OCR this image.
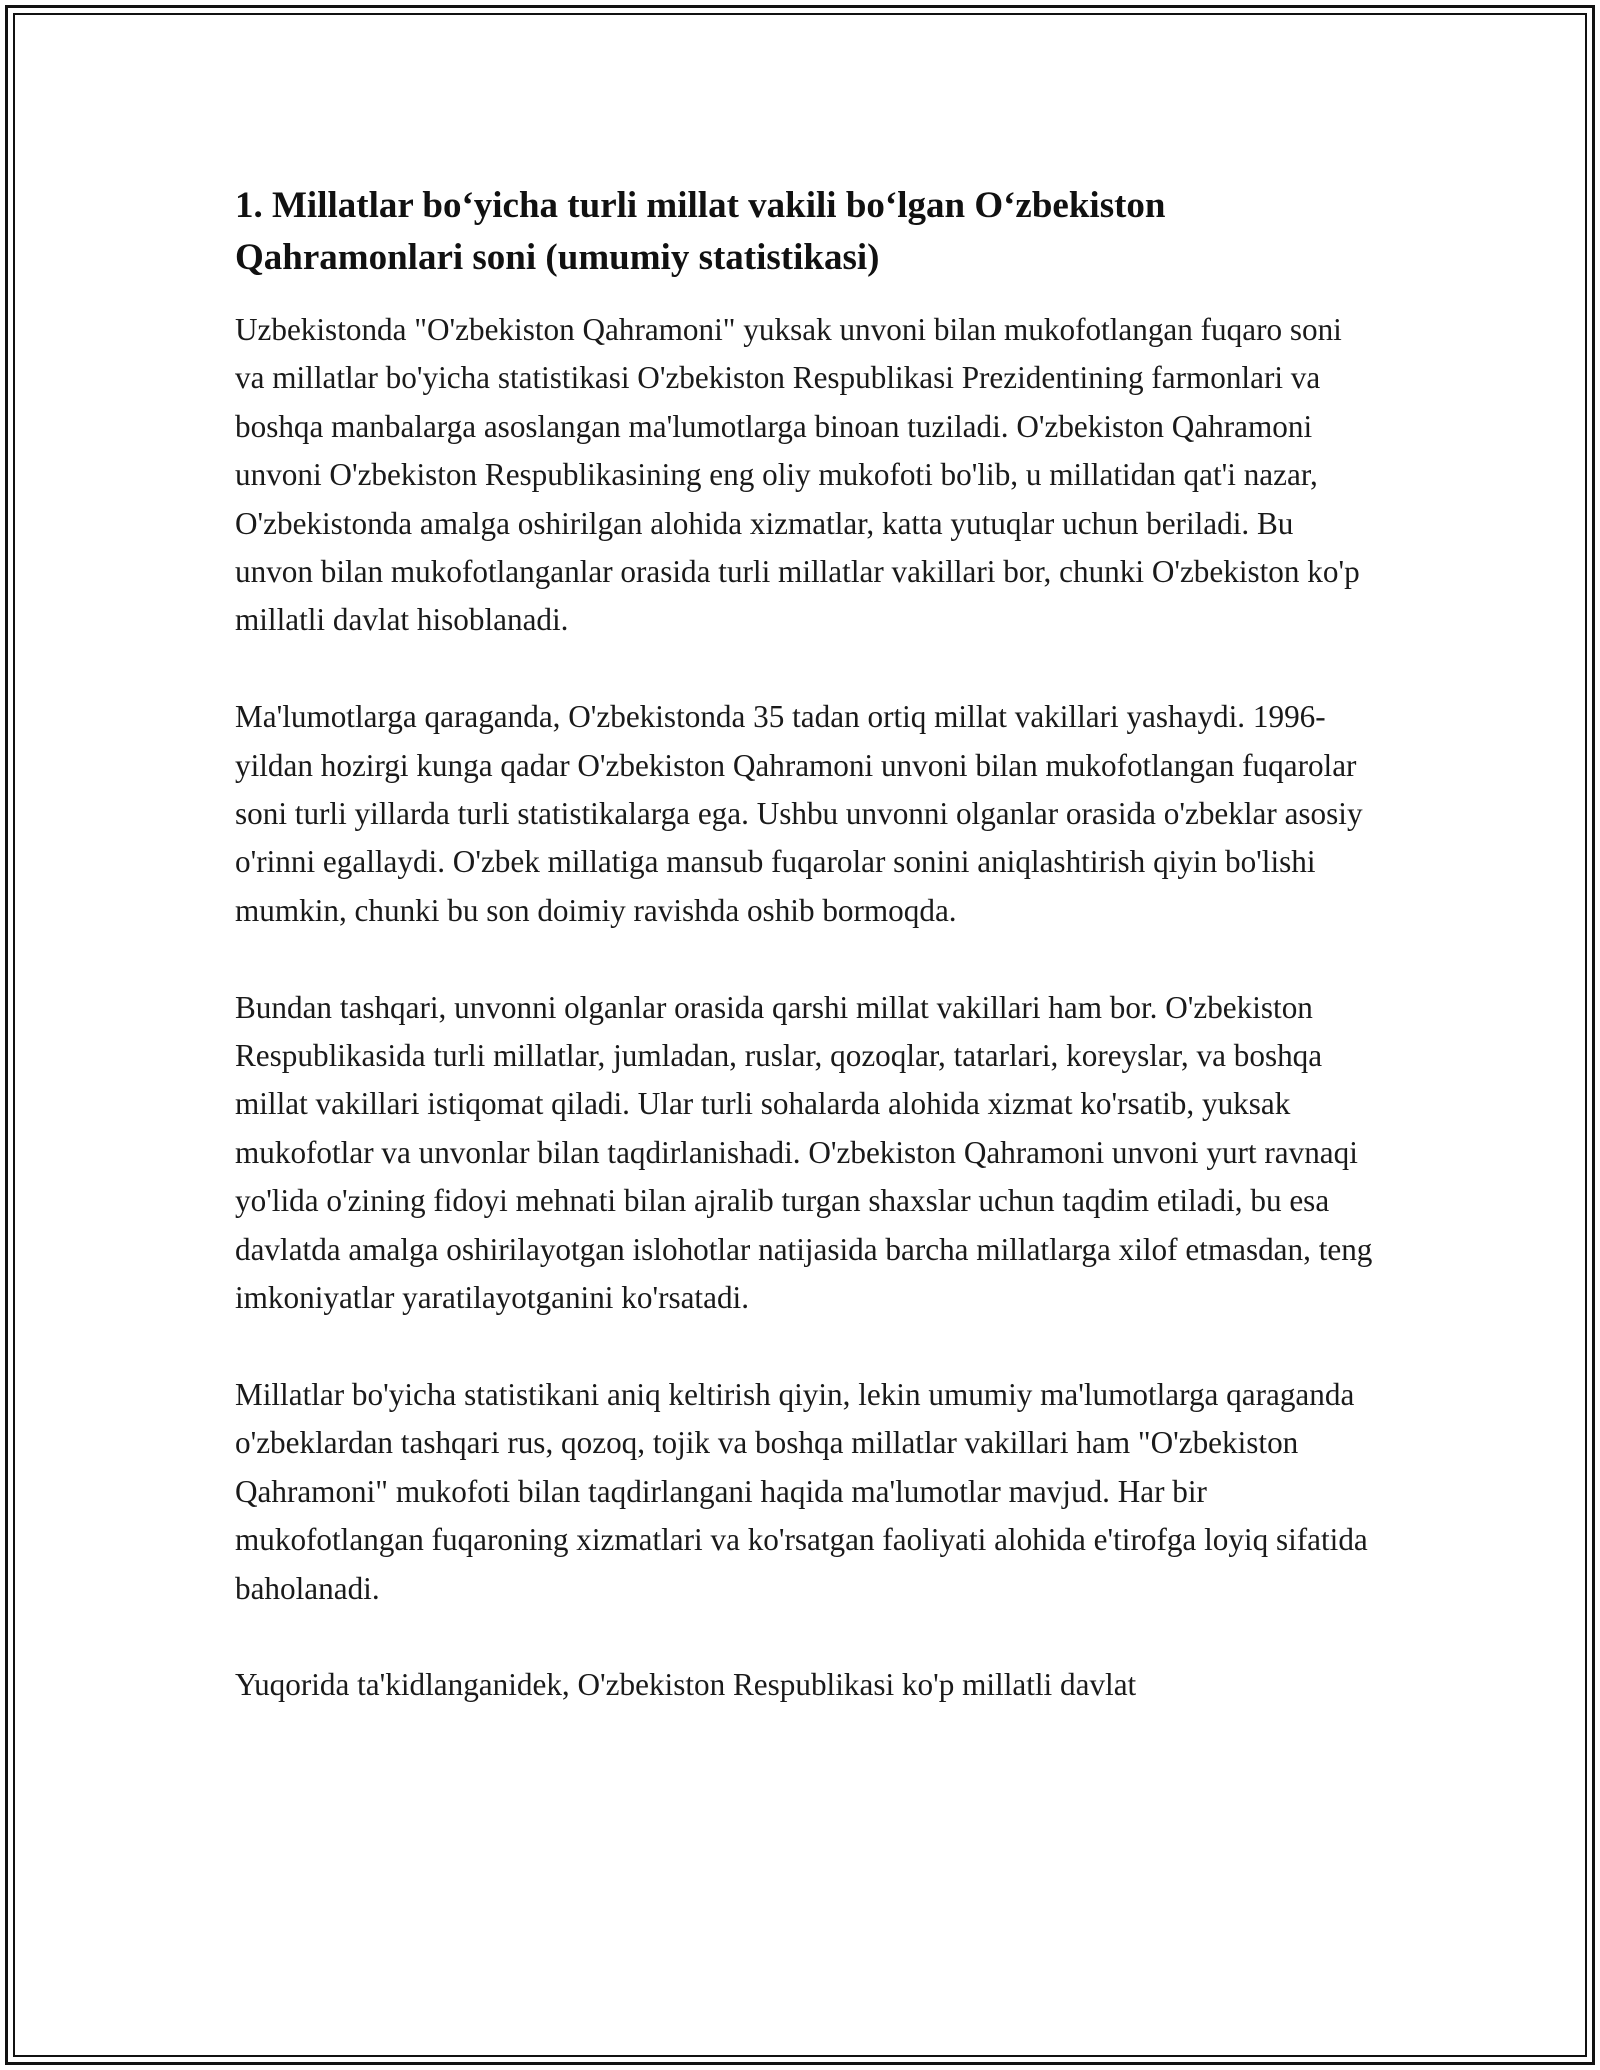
1. Millatlar bo‘yicha turli millat vakili bo‘lgan O‘zbekiston Qahramonlari soni (umumiy statistikasi)

Uzbekistonda "O'zbekiston Qahramoni" yuksak unvoni bilan mukofotlangan fuqaro soni va millatlar bo'yicha statistikasi O'zbekiston Respublikasi Prezidentining farmonlari va boshqa manbalarga asoslangan ma'lumotlarga binoan tuziladi. O'zbekiston Qahramoni unvoni O'zbekiston Respublikasining eng oliy mukofoti bo'lib, u millatidan qat'i nazar, O'zbekistonda amalga oshirilgan alohida xizmatlar, katta yutuqlar uchun beriladi. Bu unvon bilan mukofotlanganlar orasida turli millatlar vakillari bor, chunki O'zbekiston ko'p millatli davlat hisoblanadi.

Ma'lumotlarga qaraganda, O'zbekistonda 35 tadan ortiq millat vakillari yashaydi. 1996-yildan hozirgi kunga qadar O'zbekiston Qahramoni unvoni bilan mukofotlangan fuqarolar soni turli yillarda turli statistikalarga ega. Ushbu unvonni olganlar orasida o'zbeklar asosiy o'rinni egallaydi. O'zbek millatiga mansub fuqarolar sonini aniqlashtirish qiyin bo'lishi mumkin, chunki bu son doimiy ravishda oshib bormoqda.

Bundan tashqari, unvonni olganlar orasida qarshi millat vakillari ham bor. O'zbekiston Respublikasida turli millatlar, jumladan, ruslar, qozoqlar, tatarlari, koreyslar, va boshqa millat vakillari istiqomat qiladi. Ular turli sohalarda alohida xizmat ko'rsatib, yuksak mukofotlar va unvonlar bilan taqdirlanishadi. O'zbekiston Qahramoni unvoni yurt ravnaqi yo'lida o'zining fidoyi mehnati bilan ajralib turgan shaxslar uchun taqdim etiladi, bu esa davlatda amalga oshirilayotgan islohotlar natijasida barcha millatlarga xilof etmasdan, teng imkoniyatlar yaratilayotganini ko'rsatadi.

Millatlar bo'yicha statistikani aniq keltirish qiyin, lekin umumiy ma'lumotlarga qaraganda o'zbeklardan tashqari rus, qozoq, tojik va boshqa millatlar vakillari ham "O'zbekiston Qahramoni" mukofoti bilan taqdirlangani haqida ma'lumotlar mavjud. Har bir mukofotlangan fuqaroning xizmatlari va ko'rsatgan faoliyati alohida e'tirofga loyiq sifatida baholanadi.

Yuqorida ta'kidlanganidek, O'zbekiston Respublikasi ko'p millatli davlat
